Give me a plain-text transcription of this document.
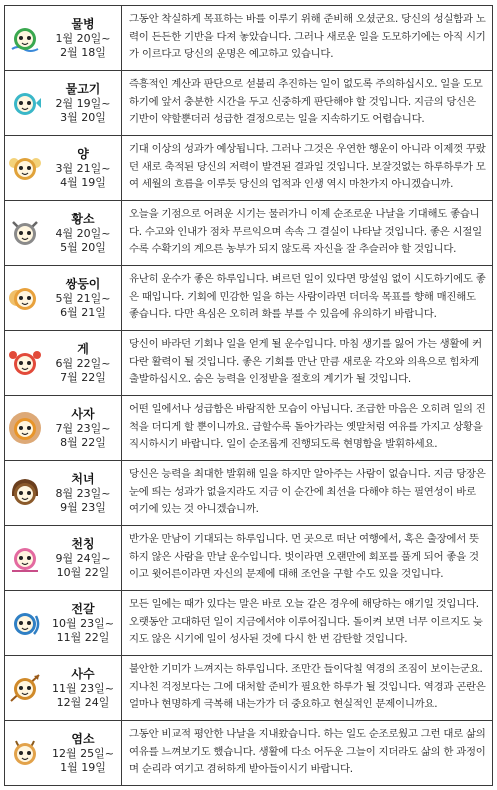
물병
1월 20일~
2월 18일
그동안 착실하게 목표하는 바를 이루기 위해 준비해 오셨군요. 당신의 성실함과 노력이 든든한 기반을 다져 놓았습니다. 그러나 새로운 일을 도모하기에는 아직 시기가 이르다고 당신의 운명은 예고하고 있습니다.
물고기
2월 19일~
3월 20일
즉흥적인 계산과 판단으로 섣불리 추진하는 일이 없도록 주의하십시오. 일을 도모하기에 앞서 충분한 시간을 두고 신중하게 판단해야 할 것입니다. 지금의 당신은 기반이 약할뿐더러 성급한 결정으로는 일을 지속하기도 어렵습니다.
양
3월 21일~
4월 19일
기대 이상의 성과가 예상됩니다. 그러나 그것은 우연한 행운이 아니라 이제껏 꾸랐던 새로 축적된 당신의 저력이 발견된 결과일 것입니다. 보잘것없는 하루하루가 모여 세월의 흐름을 이루듯 당신의 업적과 인생 역시 마찬가지 아니겠습니까.
황소
4월 20일~
5월 20일
오늘을 기점으로 어려운 시기는 물러가니 이제 순조로운 나날을 기대해도 좋습니다. 수고와 인내가 점차 무르익으며 속속 그 결실이 나타날 것입니다. 좋은 시절일수록 수확기의 계으른 농부가 되지 않도록 자신을 잘 추슬러야 할 것입니다.
쌍둥이
5월 21일~
6월 21일
유난히 운수가 좋은 하루입니다. 벼르던 일이 있다면 망설임 없이 시도하기에도 좋은 때입니다. 기회에 민감한 일을 하는 사람이라면 더더욱 목표를 향해 매진해도 좋습니다. 다만 욕심은 오히려 화를 부를 수 있음에 유의하기 바랍니다.
게
6월 22일~
7월 22일
당신이 바라던 기회나 일을 얻게 될 운수입니다. 마침 생기를 잃어 가는 생활에 커다란 활력이 될 것입니다. 좋은 기회를 만난 만큼 새로운 각오와 의욕으로 힘차게 출발하십시오. 숨은 능력을 인정받을 절호의 계기가 될 것입니다.
사자
7월 23일~
8월 22일
어떤 일에서나 성급함은 바람직한 모습이 아닙니다. 조급한 마음은 오히려 일의 진척을 더디게 할 뿐이니까요. 급할수록 돌아가라는 옛말처럼 여유를 가지고 상황을 직시하시기 바랍니다. 일이 순조롭게 진행되도록 현명함을 발휘하세요.
처녀
8월 23일~
9월 23일
당신은 능력을 최대한 발휘해 일을 하지만 알아주는 사람이 없습니다. 지금 당장은 눈에 띄는 성과가 없을지라도 지금 이 순간에 최선을 다해야 하는 필연성이 바로 여기에 있는 것 아니겠습니까.
천칭
9월 24일~
10월 22일
반가운 만남이 기대되는 하루입니다. 먼 곳으로 떠난 여행에서, 혹은 출장에서 뜻하지 않은 사람을 만날 운수입니다. 벗이라면 오랜만에 회포를 풀게 되어 좋을 것이고 윗어른이라면 자신의 문제에 대해 조언을 구할 수도 있을 것입니다.
전갈
10월 23일~
11월 22일
모든 일에는 때가 있다는 말은 바로 오늘 같은 경우에 해당하는 얘기일 것입니다. 오랫동안 고대하던 일이 지금에서야 이루어집니다. 돌이켜 보면 너무 이르지도 늦지도 않은 시기에 일이 성사된 것에 다시 한 번 감탄할 것입니다.
사수
11월 23일~
12월 24일
불안한 기미가 느껴지는 하루입니다. 조만간 들이닥칠 역경의 조짐이 보이는군요. 지나친 걱정보다는 그에 대처할 준비가 필요한 하루가 될 것입니다. 역경과 곤란은 얼마나 현명하게 극복해 내는가가 더 중요하고 현실적인 문제이니까요.
염소
12월 25일~
1월 19일
그동안 비교적 평안한 나날을 지내왔습니다. 하는 일도 순조로웠고 그런 대로 삶의 여유를 느껴보기도 했습니다. 생활에 다소 어두운 그늘이 지더라도 삶의 한 과정이며 순리라 여기고 겸허하게 받아들이시기 바랍니다.
